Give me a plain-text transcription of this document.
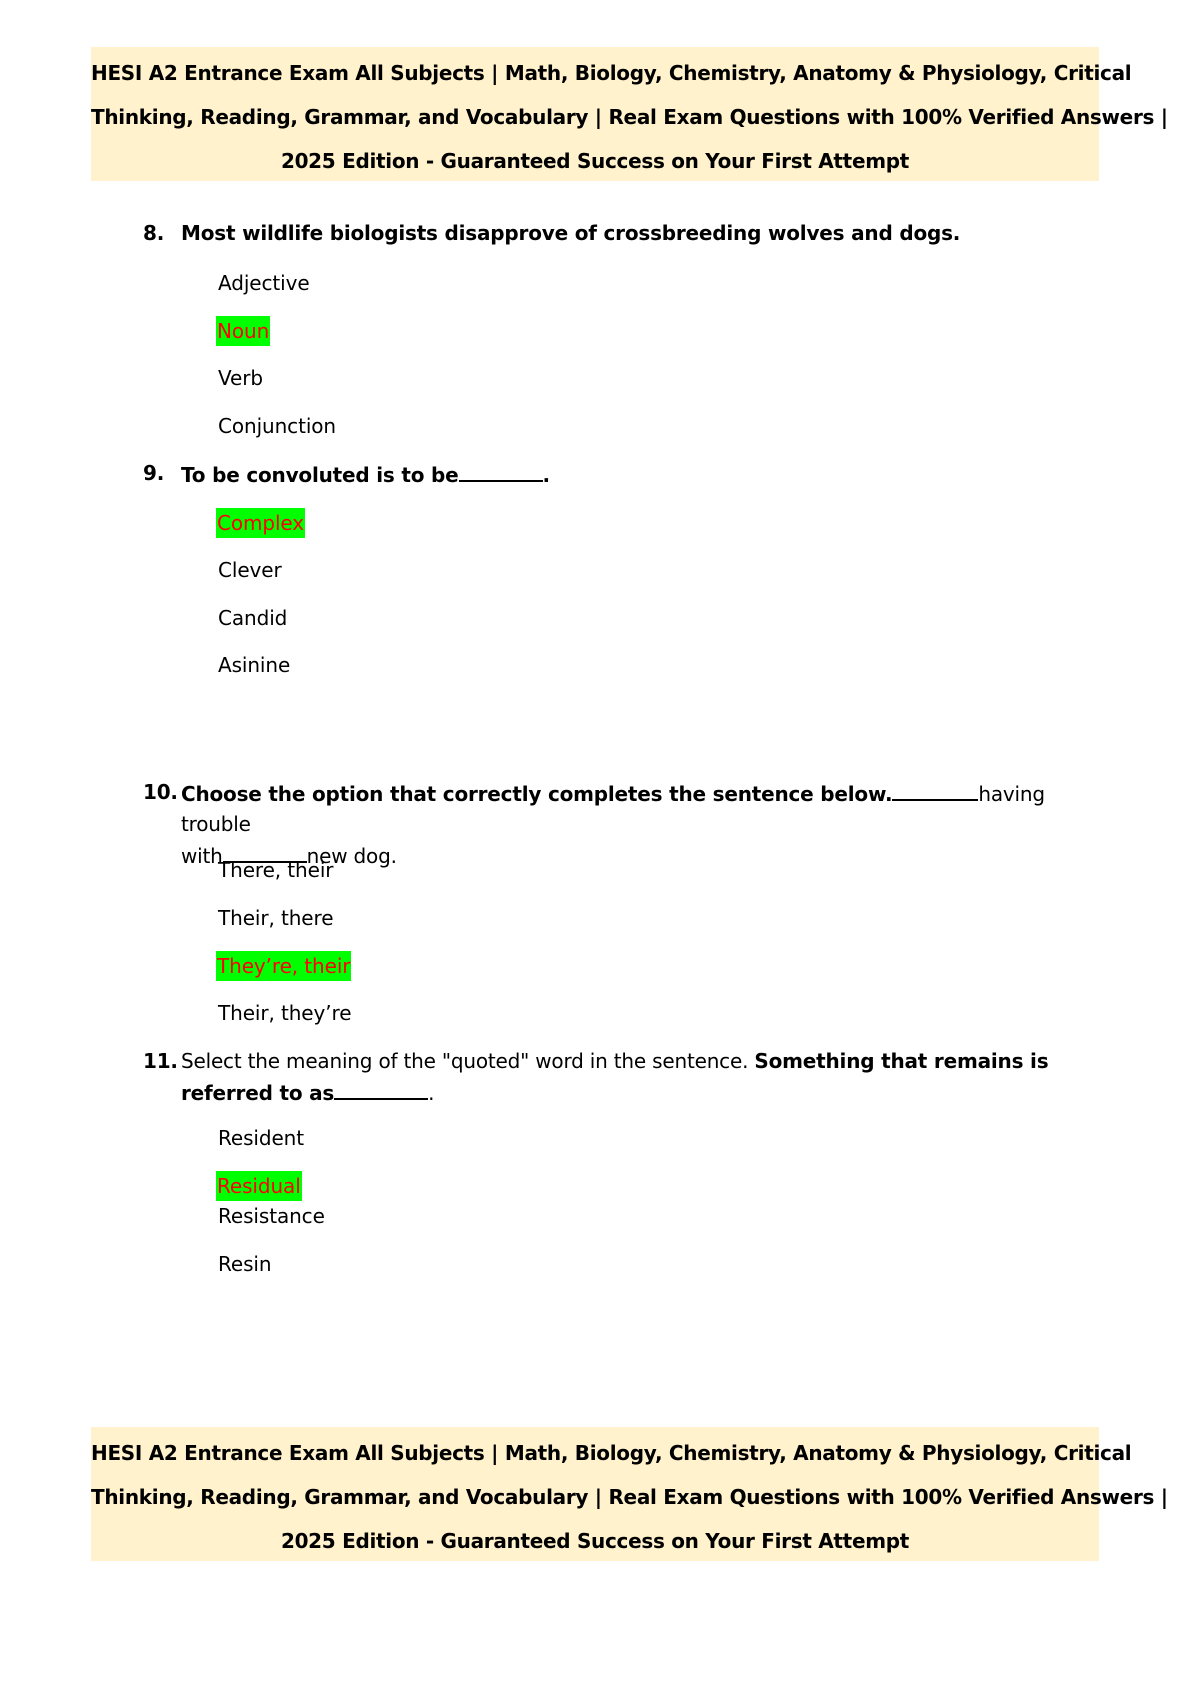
HESI A2 Entrance Exam All Subjects | Math, Biology, Chemistry, Anatomy & Physiology, Critical
Thinking, Reading, Grammar, and Vocabulary | Real Exam Questions with 100% Verified Answers |
2025 Edition - Guaranteed Success on Your First Attempt
8. Most wildlife biologists disapprove of crossbreeding wolves and dogs.
Adjective
Noun
Verb
Conjunction
9. To be convoluted is to be	.
Complex
Clever
Candid
Asinine
10. Choose the option that correctly completes the sentence below.	having trouble
with	new dog.
There, their
Their, there
They’re, their
Their, they’re
11. Select the meaning of the "quoted" word in the sentence. Something that remains is
referred to as	.
Resident
Residual
Resistance
Resin
HESI A2 Entrance Exam All Subjects | Math, Biology, Chemistry, Anatomy & Physiology, Critical
Thinking, Reading, Grammar, and Vocabulary | Real Exam Questions with 100% Verified Answers |
2025 Edition - Guaranteed Success on Your First Attempt
